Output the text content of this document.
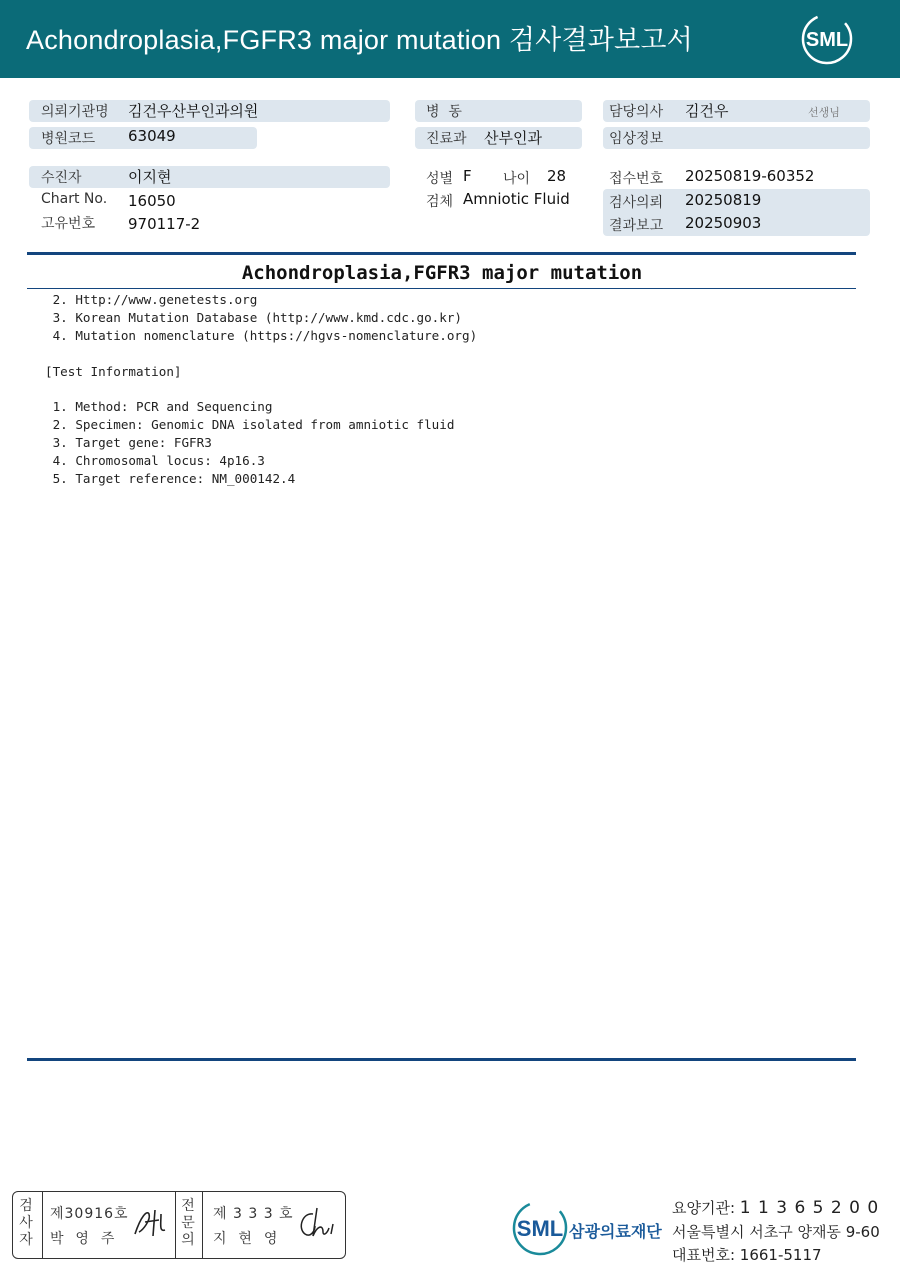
Achondroplasia,FGFR3 major mutation 검사결과보고서	SML
의뢰기관명 김건우산부인과의원
병원코드 63049
병  동
진료과 산부인과
담당의사 김건우	선생님
임상정보
수진자	이지현
Chart No. 16050
고유번호 970117-2
성별 F 나이 28
검체 Amniotic Fluid
접수번호 20250819-60352
검사의뢰 20250819
결과보고 20250903
Achondroplasia,FGFR3 major mutation
2. Http://www.genetests.org
3. Korean Mutation Database (http://www.kmd.cdc.go.kr)
4. Mutation nomenclature (https://hgvs-nomenclature.org)
[Test Information]
1. Method: PCR and Sequencing
2. Specimen: Genomic DNA isolated from amniotic fluid
3. Target gene: FGFR3
4. Chromosomal locus: 4p16.3
5. Target reference: NM_000142.4
검사자
제30916호
박  영  주
전문의
제 3 3 3 호
지  현  영	SML 삼광의료재단
요양기관: 1 1 3 6 5 2 0 0
서울특별시 서초구 양재동 9-60
대표번호: 1661-5117
